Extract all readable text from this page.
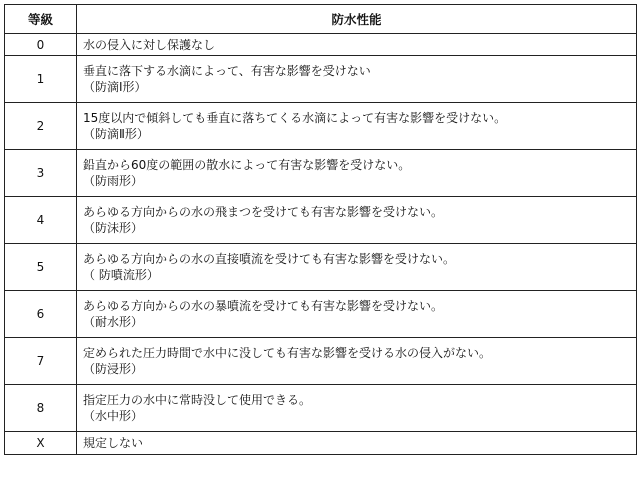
等級	防水性能
0	水の侵入に対し保護なし

1	垂直に落下する水滴によって、有害な影響を受けない
（防滴Ⅰ形）

2	15度以内で傾斜しても垂直に落ちてくる水滴によって有害な影響を受けない。
（防滴Ⅱ形）

3	鉛直から60度の範囲の散水によって有害な影響を受けない。
（防雨形）

4	あらゆる方向からの水の飛まつを受けても有害な影響を受けない。
（防沫形）

5	あらゆる方向からの水の直接噴流を受けても有害な影響を受けない。
（ 防噴流形）

6	あらゆる方向からの水の暴噴流を受けても有害な影響を受けない。
（耐水形）

7	定められた圧力時間で水中に没しても有害な影響を受ける水の侵入がない。
（防浸形）

8	指定圧力の水中に常時没して使用できる。
（水中形）

X	規定しない
